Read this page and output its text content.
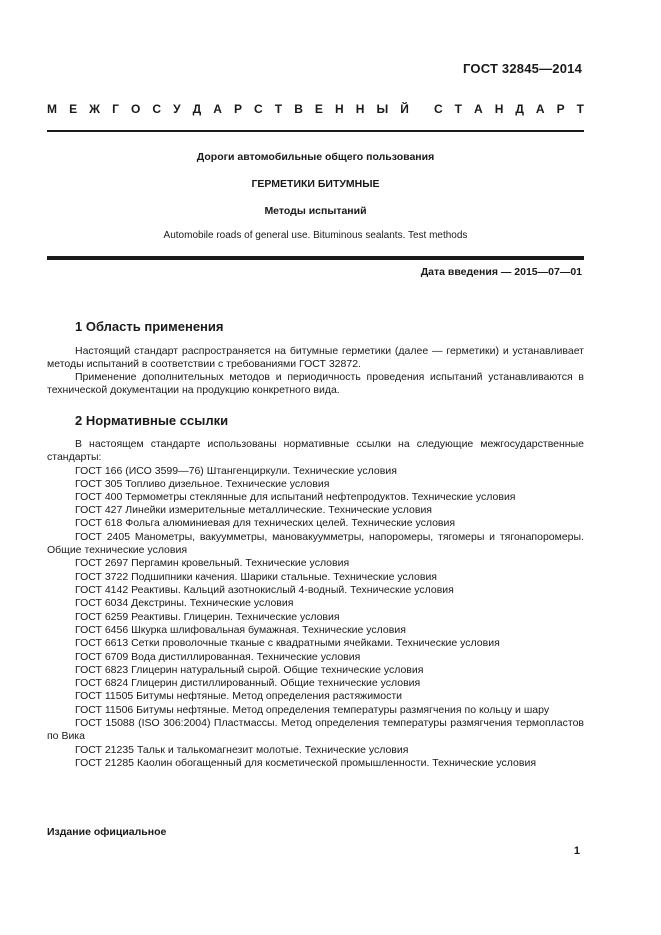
ГОСТ 32845—2014
М Е Ж Г О С У Д А Р С Т В Е Н Н Ы Й С Т А Н Д А Р Т
Дороги автомобильные общего пользования
ГЕРМЕТИКИ БИТУМНЫЕ
Методы испытаний
Automobile roads of general use. Bituminous sealants. Test methods
Дата введения — 2015—07—01
1 Область применения

Настоящий стандарт распространяется на битумные герметики (далее — герметики) и устанавливает методы испытаний в соответствии с требованиями ГОСТ 32872.

Применение дополнительных методов и периодичность проведения испытаний устанавливаются в технической документации на продукцию конкретного вида.

2 Нормативные ссылки

В настоящем стандарте использованы нормативные ссылки на следующие межгосударственные стандарты:

ГОСТ 166 (ИСО 3599—76) Штангенциркули. Технические условия

ГОСТ 305 Топливо дизельное. Технические условия

ГОСТ 400 Термометры стеклянные для испытаний нефтепродуктов. Технические условия

ГОСТ 427 Линейки измерительные металлические. Технические условия

ГОСТ 618 Фольга алюминиевая для технических целей. Технические условия

ГОСТ 2405 Манометры, вакуумметры, мановакуумметры, напоромеры, тягомеры и тягонапоромеры. Общие технические условия

ГОСТ 2697 Пергамин кровельный. Технические условия

ГОСТ 3722 Подшипники качения. Шарики стальные. Технические условия

ГОСТ 4142 Реактивы. Кальций азотнокислый 4-водный. Технические условия

ГОСТ 6034 Декстрины. Технические условия

ГОСТ 6259 Реактивы. Глицерин. Технические условия

ГОСТ 6456 Шкурка шлифовальная бумажная. Технические условия

ГОСТ 6613 Сетки проволочные тканые с квадратными ячейками. Технические условия

ГОСТ 6709 Вода дистиллированная. Технические условия

ГОСТ 6823 Глицерин натуральный сырой. Общие технические условия

ГОСТ 6824 Глицерин дистиллированный. Общие технические условия

ГОСТ 11505 Битумы нефтяные. Метод определения растяжимости

ГОСТ 11506 Битумы нефтяные. Метод определения температуры размягчения по кольцу и шару

ГОСТ 15088 (ISO 306:2004) Пластмассы. Метод определения температуры размягчения термопластов по Вика

ГОСТ 21235 Тальк и талькомагнезит молотые. Технические условия

ГОСТ 21285 Каолин обогащенный для косметической промышленности. Технические условия

Издание официальное
1
